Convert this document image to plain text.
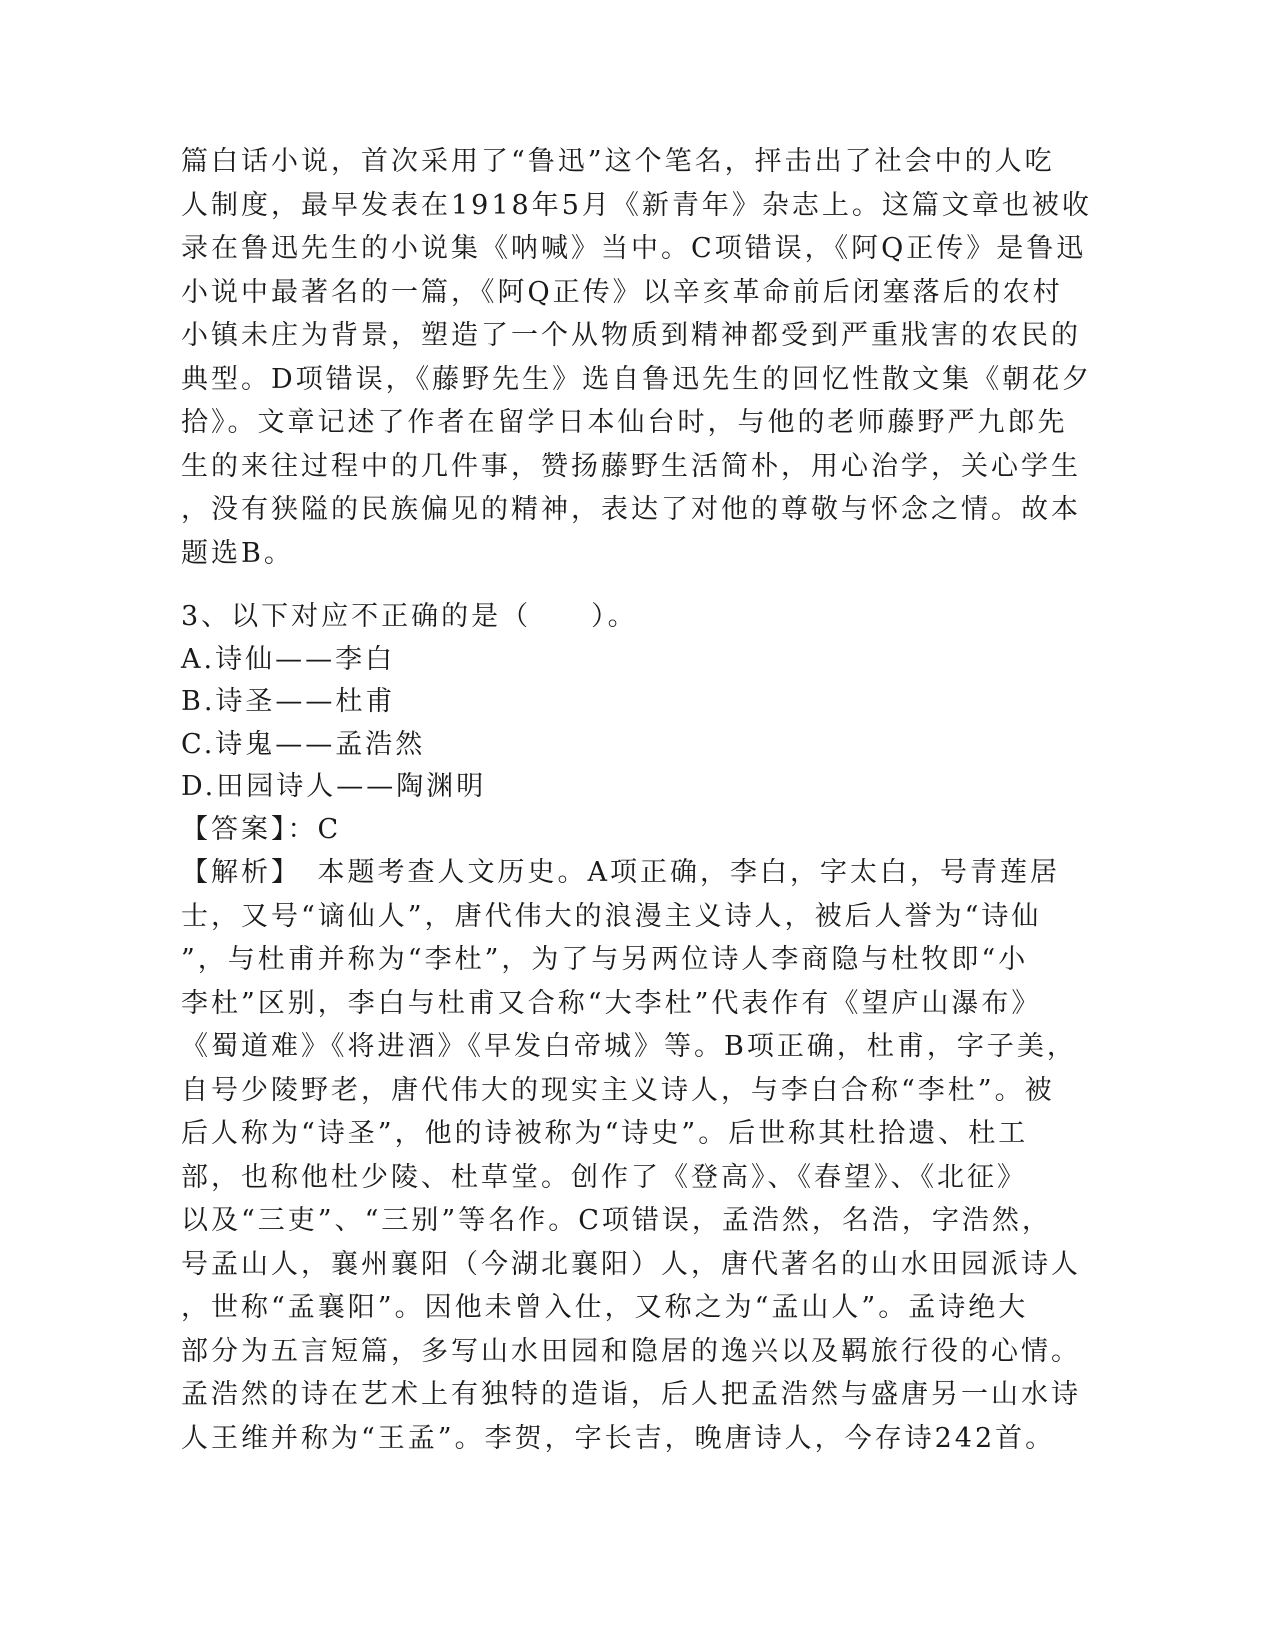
篇白话小说，首次采用了“鲁迅”这个笔名，抨击出了社会中的人吃
人制度，最早发表在1918年5月《新青年》杂志上。这篇文章也被收
录在鲁迅先生的小说集《呐喊》当中。C项错误，《阿Q正传》是鲁迅
小说中最著名的一篇，《阿Q正传》以辛亥革命前后闭塞落后的农村
小镇未庄为背景，塑造了一个从物质到精神都受到严重戕害的农民的
典型。D项错误，《藤野先生》选自鲁迅先生的回忆性散文集《朝花夕
拾》。文章记述了作者在留学日本仙台时，与他的老师藤野严九郎先
生的来往过程中的几件事，赞扬藤野生活简朴，用心治学，关心学生
，没有狭隘的民族偏见的精神，表达了对他的尊敬与怀念之情。故本
题选B。
3、以下对应不正确的是（　　）。
A.诗仙——李白
B.诗圣——杜甫
C.诗鬼——孟浩然
D.田园诗人——陶渊明
【答案】：C
【解析】　本题考查人文历史。A项正确，李白，字太白，号青莲居
士，又号“谪仙人”，唐代伟大的浪漫主义诗人，被后人誉为“诗仙
”，与杜甫并称为“李杜”，为了与另两位诗人李商隐与杜牧即“小
李杜”区别，李白与杜甫又合称“大李杜”代表作有《望庐山瀑布》
《蜀道难》《将进酒》《早发白帝城》等。B项正确，杜甫，字子美，
自号少陵野老，唐代伟大的现实主义诗人，与李白合称“李杜”。被
后人称为“诗圣”，他的诗被称为“诗史”。后世称其杜拾遗、杜工
部，也称他杜少陵、杜草堂。创作了《登高》、《春望》、《北征》
以及“三吏”、“三别”等名作。C项错误，孟浩然，名浩，字浩然，
号孟山人，襄州襄阳（今湖北襄阳）人，唐代著名的山水田园派诗人
，世称“孟襄阳”。因他未曾入仕，又称之为“孟山人”。孟诗绝大
部分为五言短篇，多写山水田园和隐居的逸兴以及羁旅行役的心情。
孟浩然的诗在艺术上有独特的造诣，后人把孟浩然与盛唐另一山水诗
人王维并称为“王孟”。李贺，字长吉，晚唐诗人，今存诗242首。
